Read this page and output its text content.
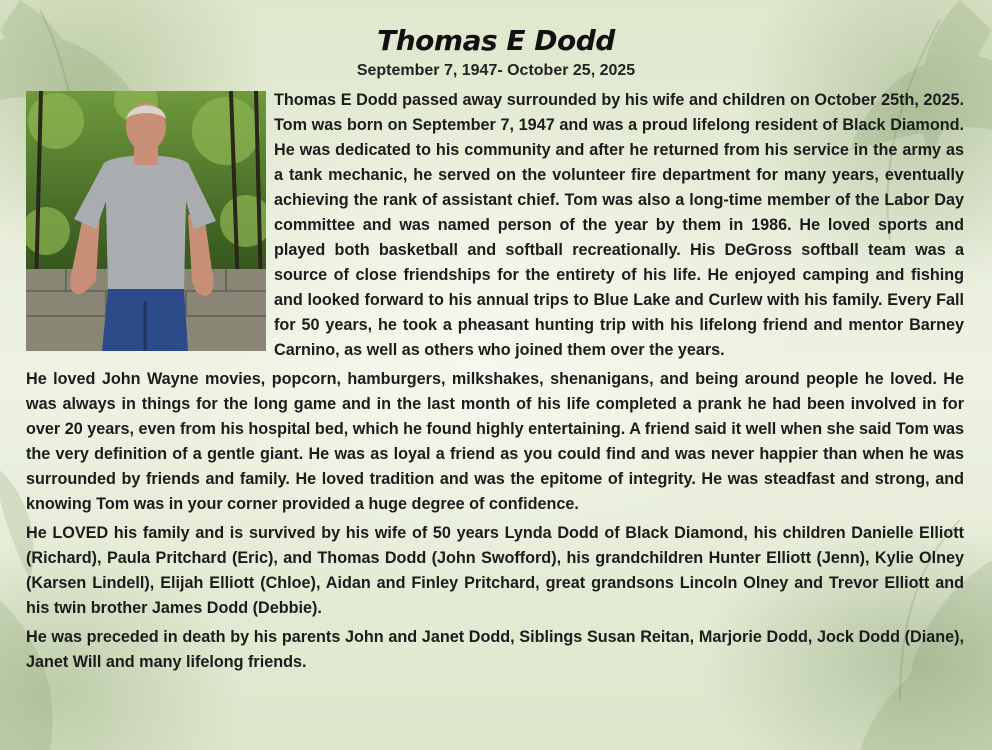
Thomas E Dodd
September 7, 1947- October 25, 2025

Thomas E Dodd passed away surrounded by his wife and children on October 25th, 2025. Tom was born on September 7, 1947 and was a proud lifelong resident of Black Diamond. He was dedicated to his community and after he returned from his service in the army as a tank mechanic, he served on the volunteer fire department for many years, eventually achieving the rank of assistant chief. Tom was also a long-time member of the Labor Day committee and was named person of the year by them in 1986. He loved sports and played both basketball and softball recreationally. His DeGross softball team was a source of close friendships for the entirety of his life. He enjoyed camping and fishing and looked forward to his annual trips to Blue Lake and Curlew with his family. Every Fall for 50 years, he took a pheasant hunting trip with his lifelong friend and mentor Barney Carnino, as well as others who joined them over the years.

He loved John Wayne movies, popcorn, hamburgers, milkshakes, shenanigans, and being around people he loved. He was always in things for the long game and in the last month of his life completed a prank he had been involved in for over 20 years, even from his hospital bed, which he found highly entertaining. A friend said it well when she said Tom was the very definition of a gentle giant. He was as loyal a friend as you could find and was never happier than when he was surrounded by friends and family. He loved tradition and was the epitome of integrity. He was steadfast and strong, and knowing Tom was in your corner provided a huge degree of confidence.

He LOVED his family and is survived by his wife of 50 years Lynda Dodd of Black Diamond, his children Danielle Elliott (Richard), Paula Pritchard (Eric), and Thomas Dodd (John Swofford), his grandchildren Hunter Elliott (Jenn), Kylie Olney (Karsen Lindell), Elijah Elliott (Chloe), Aidan and Finley Pritchard, great grandsons Lincoln Olney and Trevor Elliott and his twin brother James Dodd (Debbie).

He was preceded in death by his parents John and Janet Dodd, Siblings Susan Reitan, Marjorie Dodd, Jock Dodd (Diane), Janet Will and many lifelong friends.
